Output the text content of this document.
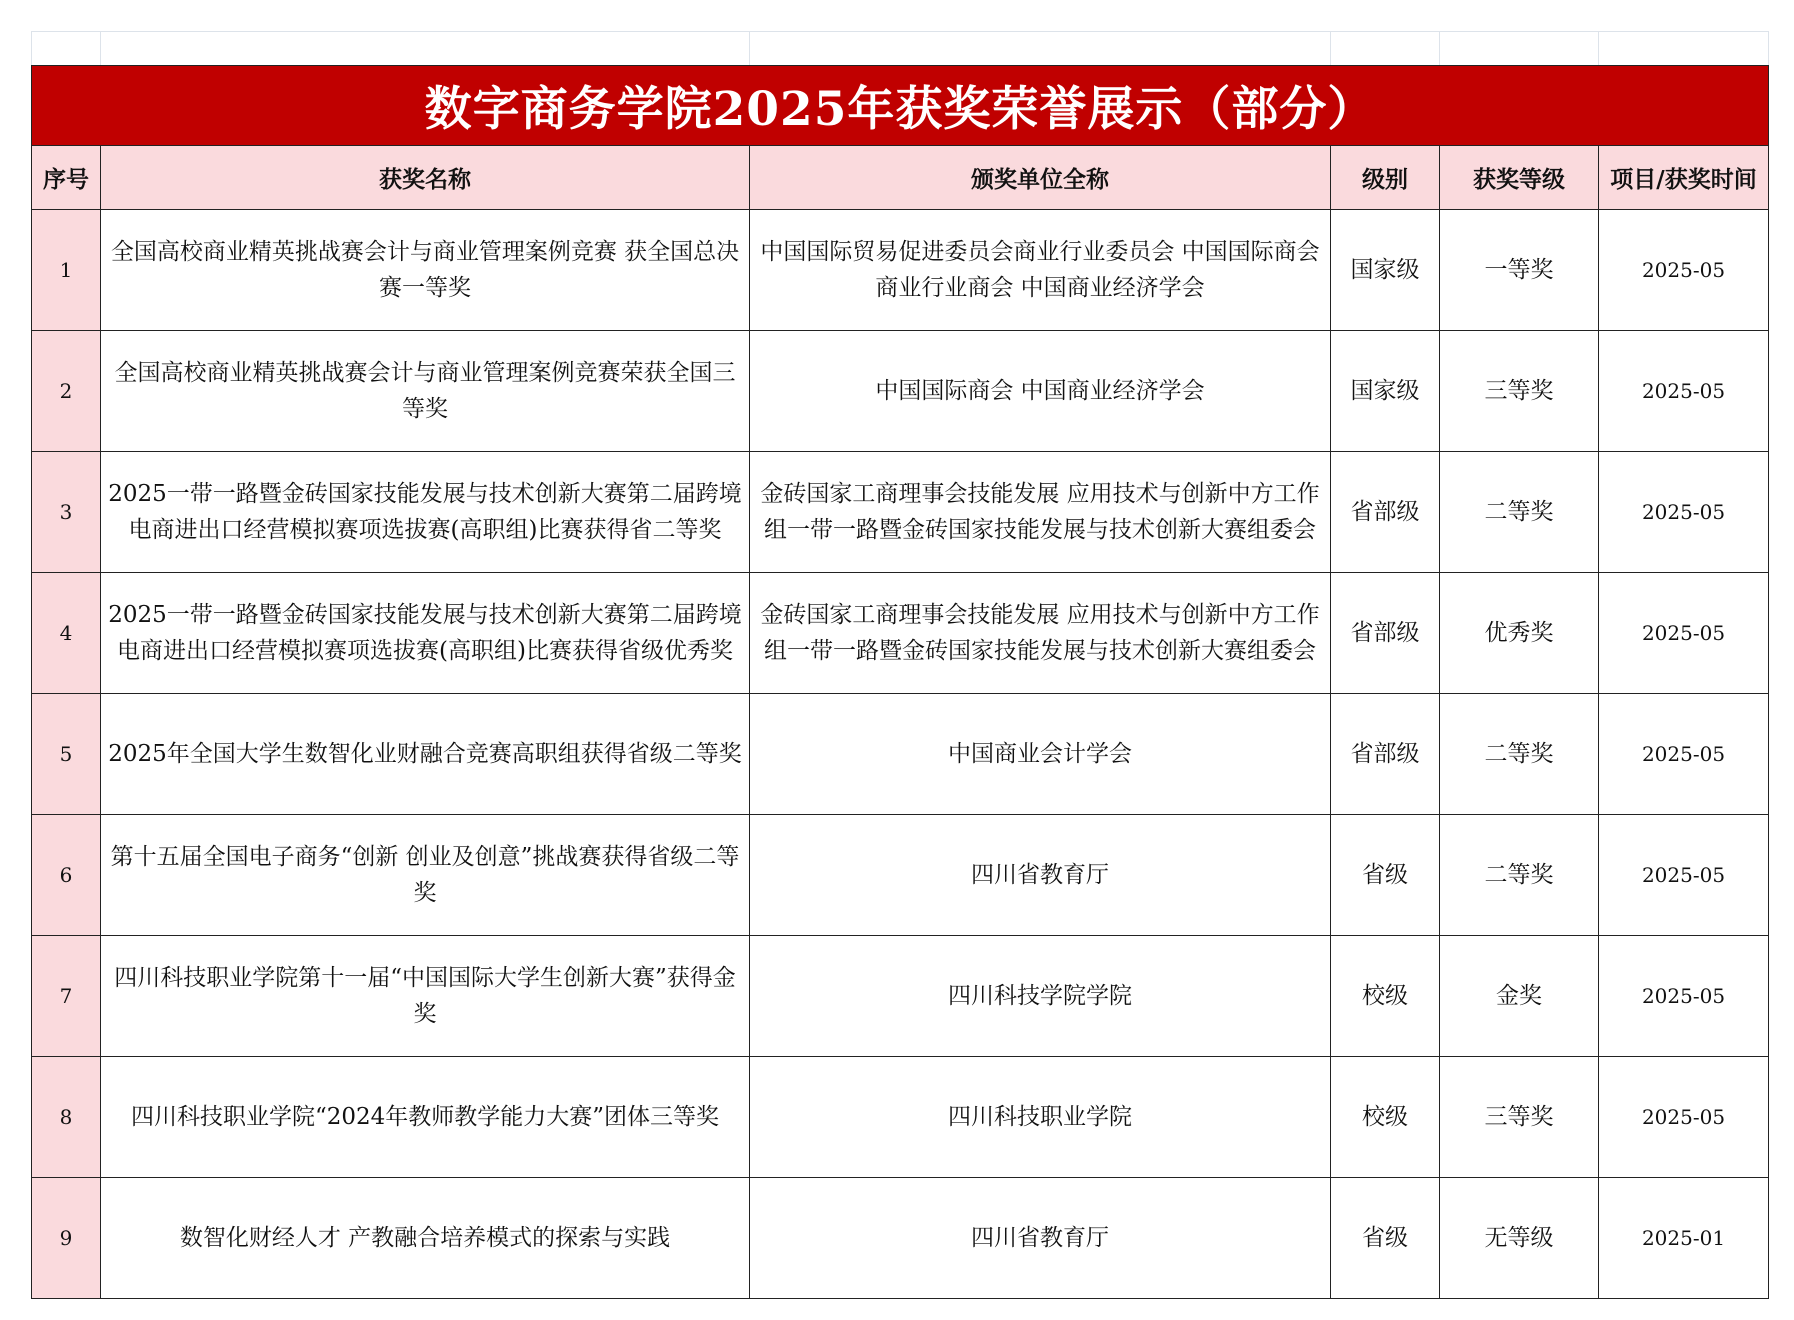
数字商务学院2025年获奖荣誉展示（部分）					
序号	获奖名称	颁奖单位全称	级别	获奖等级	项目/获奖时间
1	全国高校商业精英挑战赛会计与商业管理案例竞赛 获全国总决赛一等奖	中国国际贸易促进委员会商业行业委员会 中国国际商会商业行业商会 中国商业经济学会	国家级	一等奖	2025-05
2	全国高校商业精英挑战赛会计与商业管理案例竞赛荣获全国三等奖	中国国际商会 中国商业经济学会	国家级	三等奖	2025-05
3	2025一带一路暨金砖国家技能发展与技术创新大赛第二届跨境电商进出口经营模拟赛项选拔赛(高职组)比赛获得省二等奖	金砖国家工商理事会技能发展 应用技术与创新中方工作组一带一路暨金砖国家技能发展与技术创新大赛组委会	省部级	二等奖	2025-05
4	2025一带一路暨金砖国家技能发展与技术创新大赛第二届跨境电商进出口经营模拟赛项选拔赛(高职组)比赛获得省级优秀奖	金砖国家工商理事会技能发展 应用技术与创新中方工作组一带一路暨金砖国家技能发展与技术创新大赛组委会	省部级	优秀奖	2025-05
5	2025年全国大学生数智化业财融合竞赛高职组获得省级二等奖	中国商业会计学会	省部级	二等奖	2025-05
6	第十五届全国电子商务“创新 创业及创意”挑战赛获得省级二等奖	四川省教育厅	省级	二等奖	2025-05
7	四川科技职业学院第十一届“中国国际大学生创新大赛”获得金奖	四川科技学院学院	校级	金奖	2025-05
8	四川科技职业学院“2024年教师教学能力大赛”团体三等奖	四川科技职业学院	校级	三等奖	2025-05
9	数智化财经人才 产教融合培养模式的探索与实践	四川省教育厅	省级	无等级	2025-01
